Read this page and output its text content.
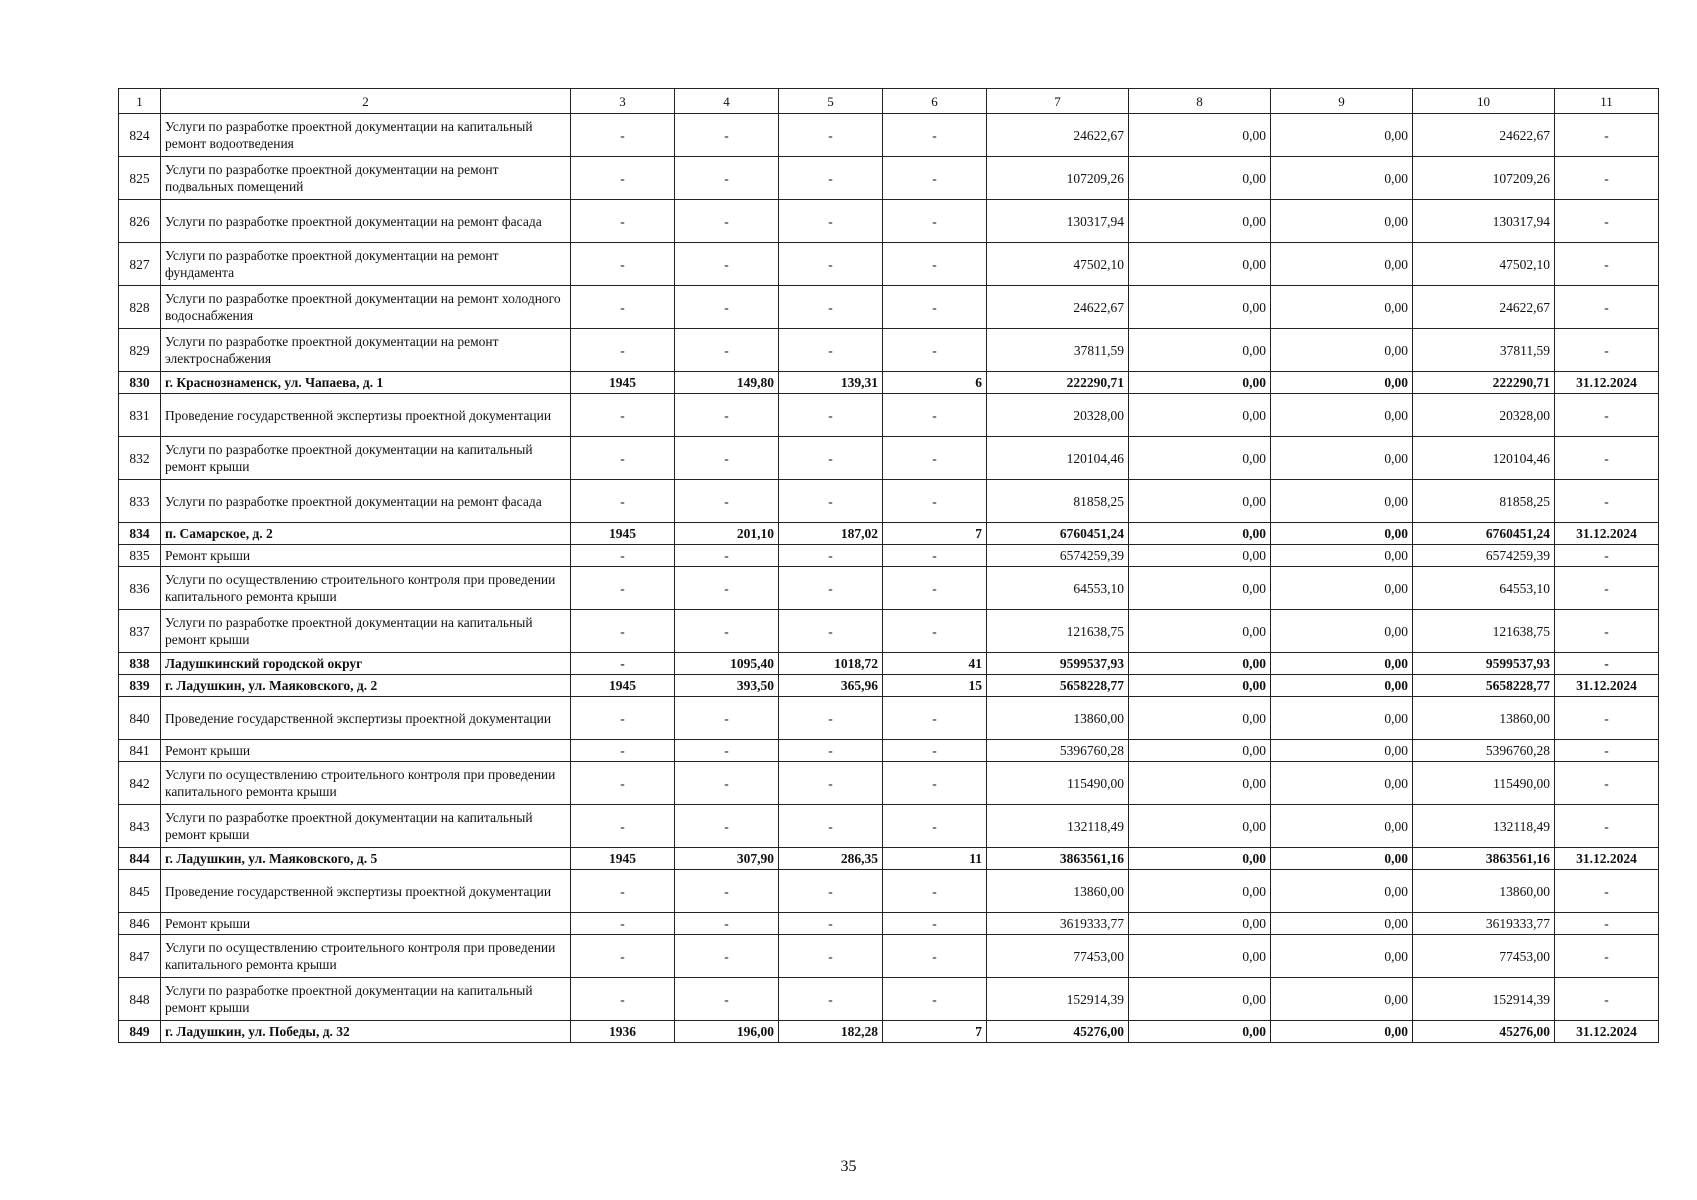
1	2	3	4	5	6	7	8	9	10	11
824	Услуги по разработке проектной документации на капитальный ремонт водоотведения	-	-	-	-	24622,67	0,00	0,00	24622,67	-
825	Услуги по разработке проектной документации на ремонт подвальных помещений	-	-	-	-	107209,26	0,00	0,00	107209,26	-
826	Услуги по разработке проектной документации на ремонт фасада	-	-	-	-	130317,94	0,00	0,00	130317,94	-
827	Услуги по разработке проектной документации на ремонт фундамента	-	-	-	-	47502,10	0,00	0,00	47502,10	-
828	Услуги по разработке проектной документации на ремонт холодного водоснабжения	-	-	-	-	24622,67	0,00	0,00	24622,67	-
829	Услуги по разработке проектной документации на ремонт электроснабжения	-	-	-	-	37811,59	0,00	0,00	37811,59	-
830	г. Краснознаменск, ул. Чапаева, д. 1	1945	149,80	139,31	6	222290,71	0,00	0,00	222290,71	31.12.2024
831	Проведение государственной экспертизы проектной документации	-	-	-	-	20328,00	0,00	0,00	20328,00	-
832	Услуги по разработке проектной документации на капитальный ремонт крыши	-	-	-	-	120104,46	0,00	0,00	120104,46	-
833	Услуги по разработке проектной документации на ремонт фасада	-	-	-	-	81858,25	0,00	0,00	81858,25	-
834	п. Самарское, д. 2	1945	201,10	187,02	7	6760451,24	0,00	0,00	6760451,24	31.12.2024
835	Ремонт крыши	-	-	-	-	6574259,39	0,00	0,00	6574259,39	-
836	Услуги по осуществлению строительного контроля при проведении капитального ремонта крыши	-	-	-	-	64553,10	0,00	0,00	64553,10	-
837	Услуги по разработке проектной документации на капитальный ремонт крыши	-	-	-	-	121638,75	0,00	0,00	121638,75	-
838	Ладушкинский городской округ	-	1095,40	1018,72	41	9599537,93	0,00	0,00	9599537,93	-
839	г. Ладушкин, ул. Маяковского, д. 2	1945	393,50	365,96	15	5658228,77	0,00	0,00	5658228,77	31.12.2024
840	Проведение государственной экспертизы проектной документации	-	-	-	-	13860,00	0,00	0,00	13860,00	-
841	Ремонт крыши	-	-	-	-	5396760,28	0,00	0,00	5396760,28	-
842	Услуги по осуществлению строительного контроля при проведении капитального ремонта крыши	-	-	-	-	115490,00	0,00	0,00	115490,00	-
843	Услуги по разработке проектной документации на капитальный ремонт крыши	-	-	-	-	132118,49	0,00	0,00	132118,49	-
844	г. Ладушкин, ул. Маяковского, д. 5	1945	307,90	286,35	11	3863561,16	0,00	0,00	3863561,16	31.12.2024
845	Проведение государственной экспертизы проектной документации	-	-	-	-	13860,00	0,00	0,00	13860,00	-
846	Ремонт крыши	-	-	-	-	3619333,77	0,00	0,00	3619333,77	-
847	Услуги по осуществлению строительного контроля при проведении капитального ремонта крыши	-	-	-	-	77453,00	0,00	0,00	77453,00	-
848	Услуги по разработке проектной документации на капитальный ремонт крыши	-	-	-	-	152914,39	0,00	0,00	152914,39	-
849	г. Ладушкин, ул. Победы, д. 32	1936	196,00	182,28	7	45276,00	0,00	0,00	45276,00	31.12.2024
35
